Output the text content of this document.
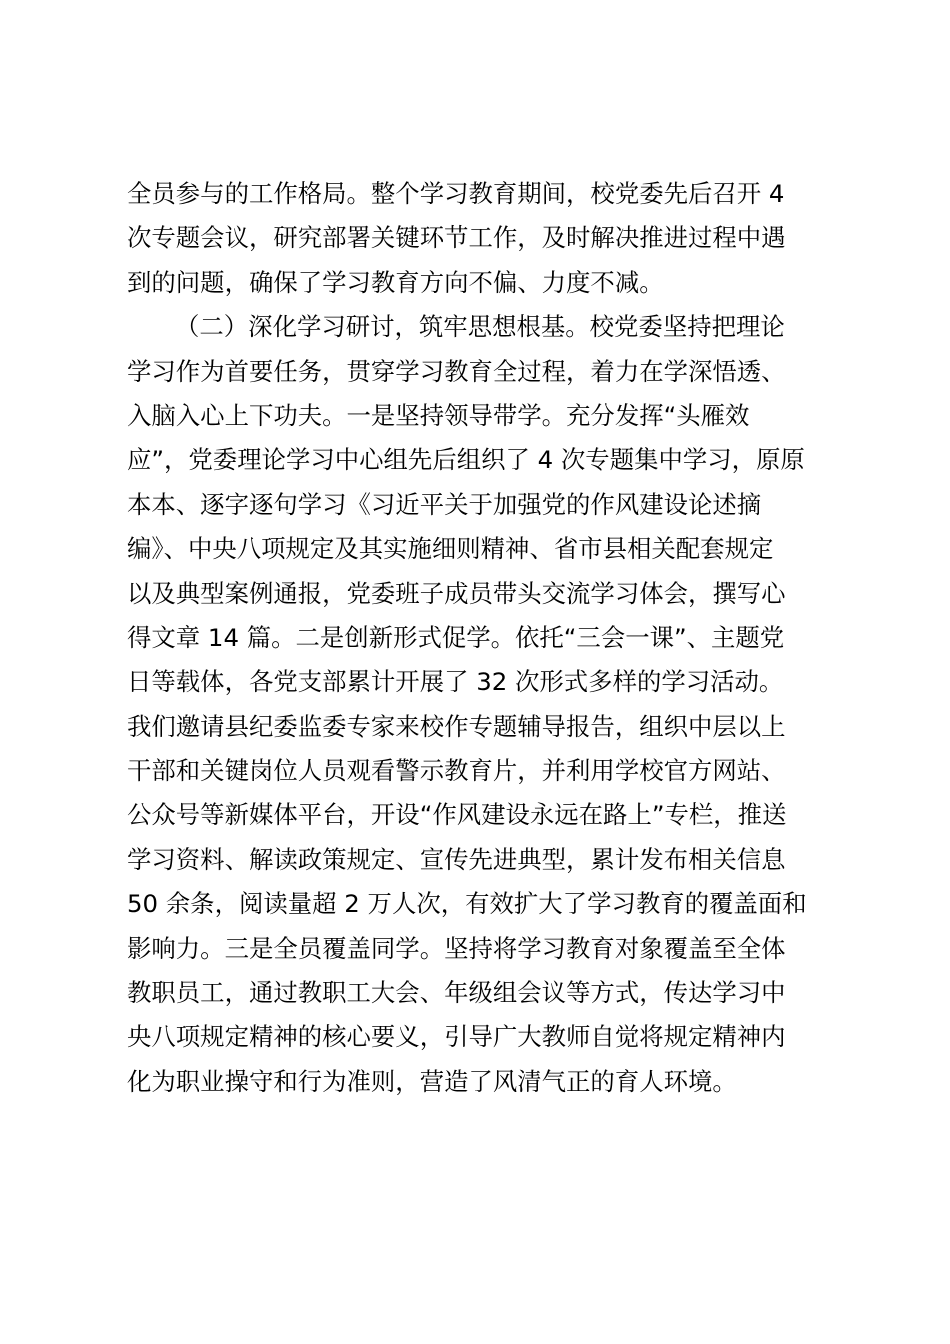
全员参与的工作格局。整个学习教育期间，校党委先后召开 4
次专题会议，研究部署关键环节工作，及时解决推进过程中遇
到的问题，确保了学习教育方向不偏、力度不减。
（二）深化学习研讨，筑牢思想根基。校党委坚持把理论
学习作为首要任务，贯穿学习教育全过程，着力在学深悟透、
入脑入心上下功夫。一是坚持领导带学。充分发挥“头雁效
应”，党委理论学习中心组先后组织了 4 次专题集中学习，原原
本本、逐字逐句学习《习近平关于加强党的作风建设论述摘
编》、中央八项规定及其实施细则精神、省市县相关配套规定
以及典型案例通报，党委班子成员带头交流学习体会，撰写心
得文章 14 篇。二是创新形式促学。依托“三会一课”、主题党
日等载体，各党支部累计开展了 32 次形式多样的学习活动。
我们邀请县纪委监委专家来校作专题辅导报告，组织中层以上
干部和关键岗位人员观看警示教育片，并利用学校官方网站、
公众号等新媒体平台，开设“作风建设永远在路上”专栏，推送
学习资料、解读政策规定、宣传先进典型，累计发布相关信息
50 余条，阅读量超 2 万人次，有效扩大了学习教育的覆盖面和
影响力。三是全员覆盖同学。坚持将学习教育对象覆盖至全体
教职员工，通过教职工大会、年级组会议等方式，传达学习中
央八项规定精神的核心要义，引导广大教师自觉将规定精神内
化为职业操守和行为准则，营造了风清气正的育人环境。
